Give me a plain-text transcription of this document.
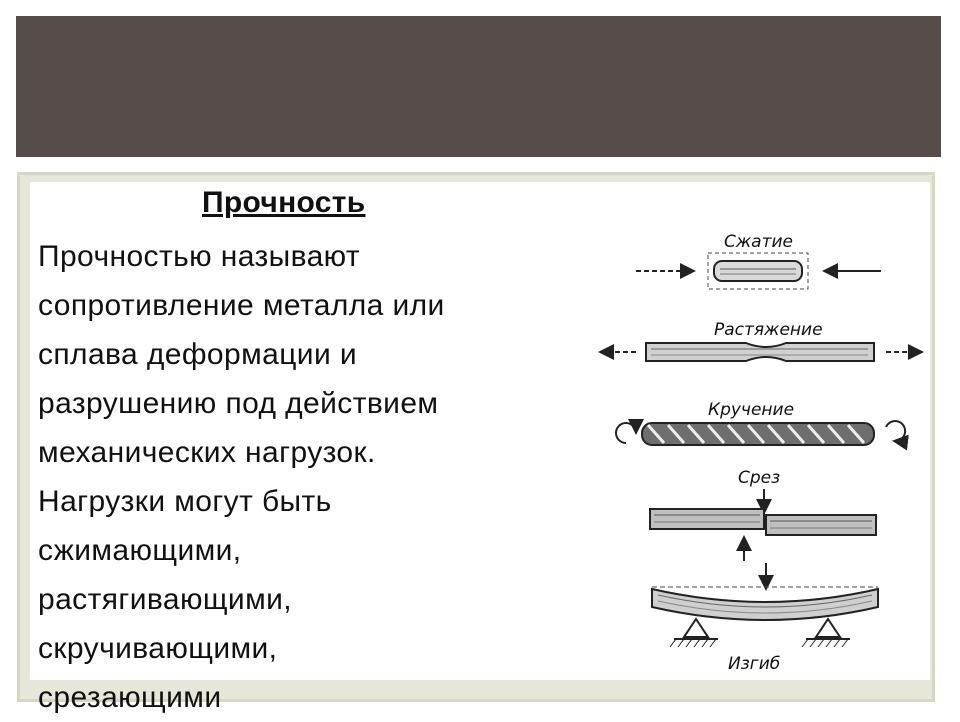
Прочность
Прочностью называют
сопротивление металла или
сплава деформации и
разрушению под действием
механических нагрузок.
Нагрузки могут быть
сжимающими,
растягивающими,
скручивающими,
срезающими
Сжатие
Растяжение
Кручение
Срез
Изгиб
